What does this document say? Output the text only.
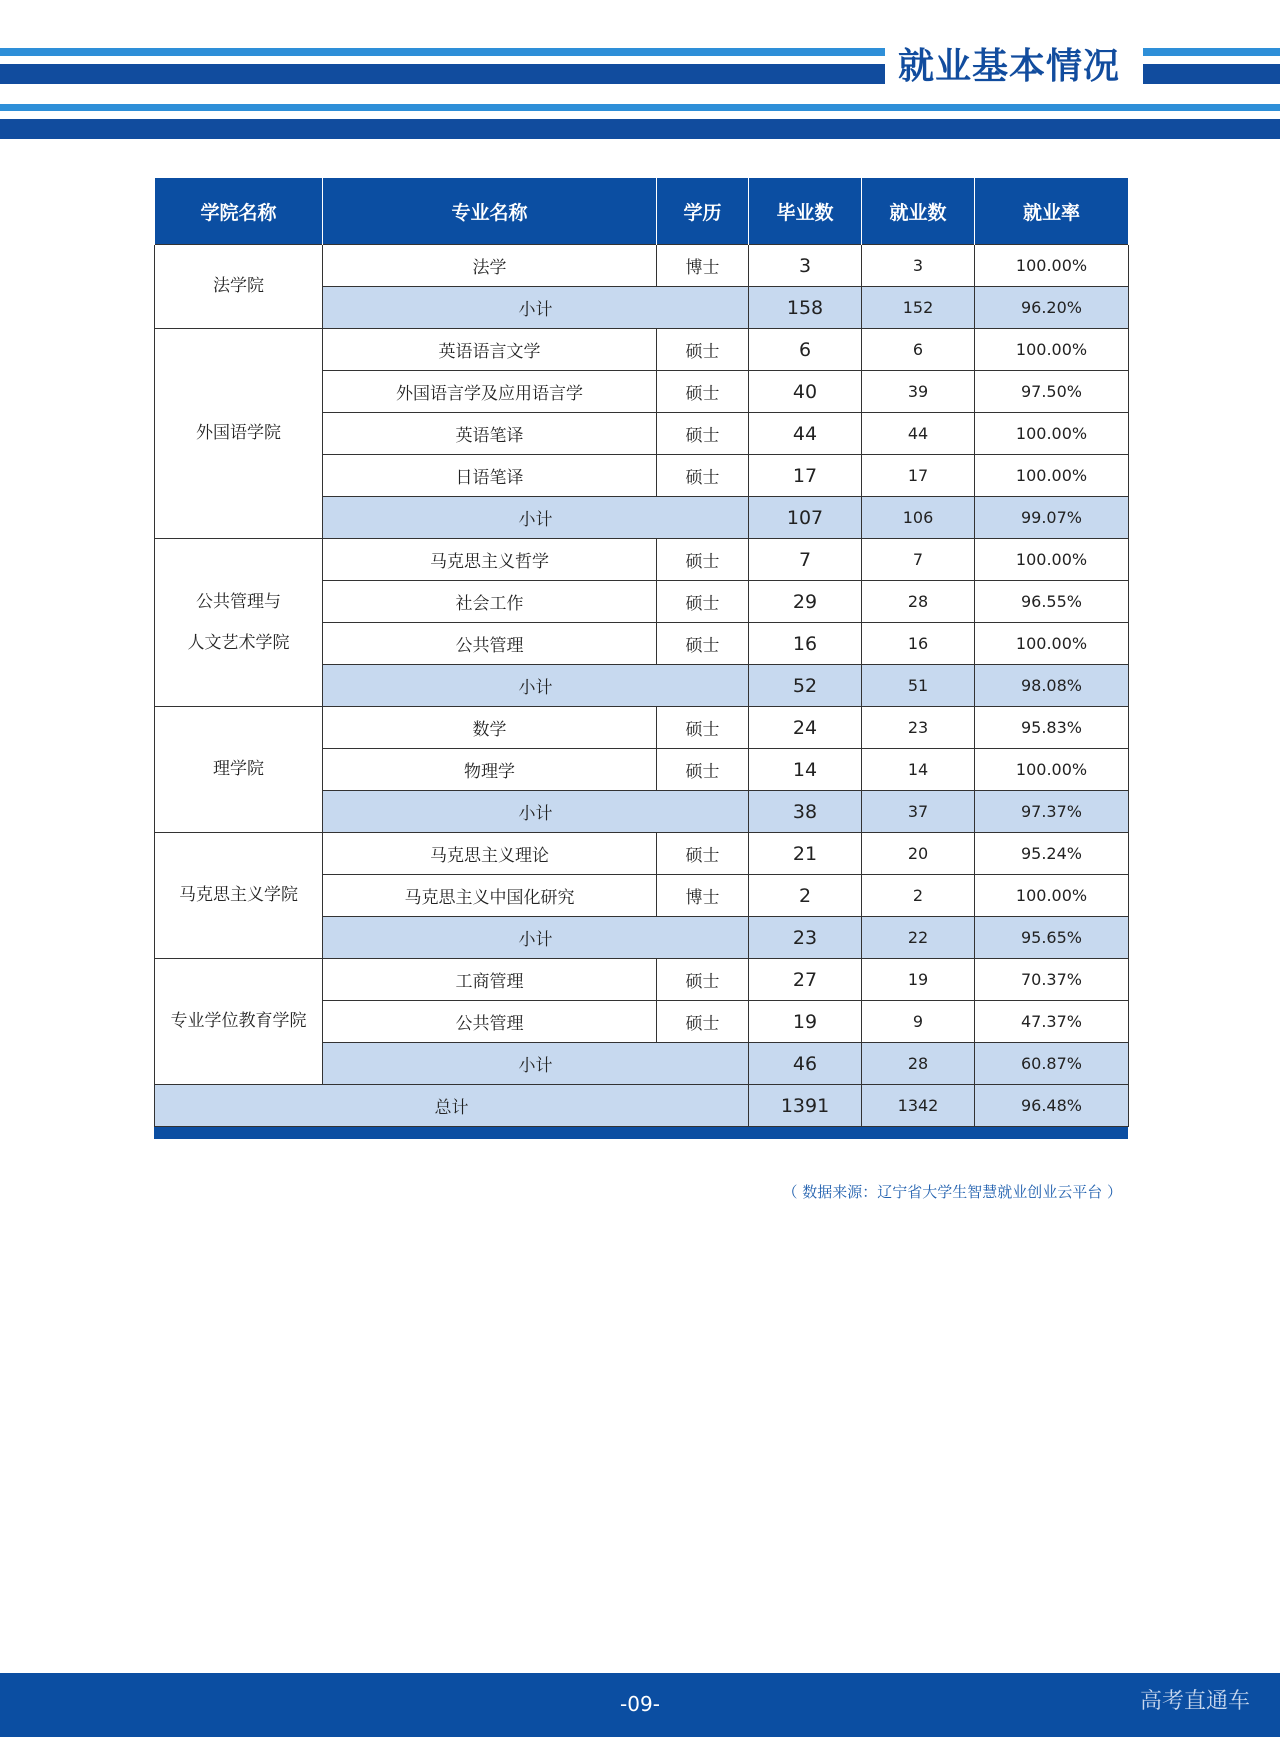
就业基本情况
学院名称	专业名称	学历	毕业数	就业数	就业率

法学院	法学	博士	3	3	100.00%
	小计		158	152	96.20%

外国语学院	英语语言文学	硕士	6	6	100.00%
	外国语言学及应用语言学	硕士	40	39	97.50%
	英语笔译	硕士	44	44	100.00%
	日语笔译	硕士	17	17	100.00%
	小计		107	106	99.07%

公共管理与
人文艺术学院	马克思主义哲学	硕士	7	7	100.00%
	社会工作	硕士	29	28	96.55%
	公共管理	硕士	16	16	100.00%
	小计		52	51	98.08%

理学院	数学	硕士	24	23	95.83%
	物理学	硕士	14	14	100.00%
	小计		38	37	97.37%

马克思主义学院	马克思主义理论	硕士	21	20	95.24%
	马克思主义中国化研究	博士	2	2	100.00%
	小计		23	22	95.65%

专业学位教育学院	工商管理	硕士	27	19	70.37%
	公共管理	硕士	19	9	47.37%
	小计		46	28	60.87%
总计			1391	1342	96.48%
（ 数据来源：辽宁省大学生智慧就业创业云平台 ）
-09-	高考直通车
